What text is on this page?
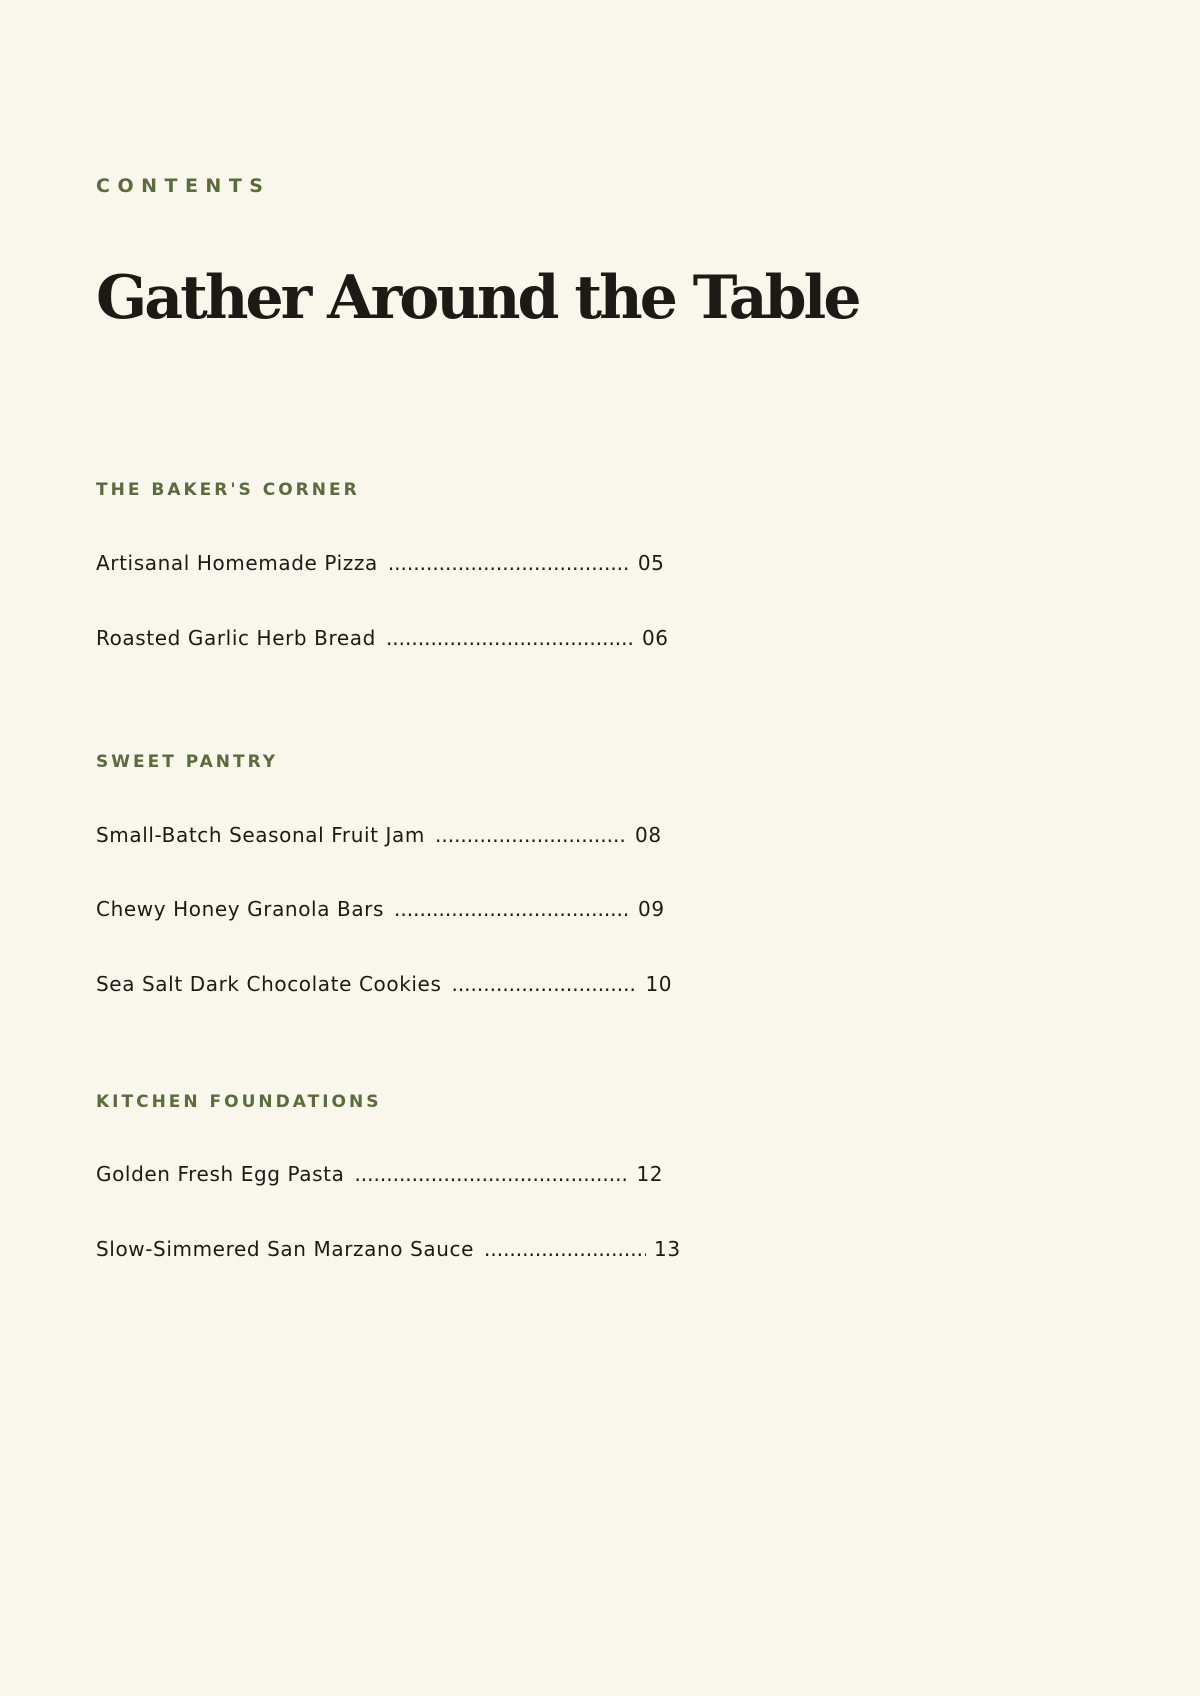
CONTENTS
Gather Around the Table
THE BAKER'S CORNER
Artisanal Homemade Pizza .....	05
Roasted Garlic Herb Bread .....	06
SWEET PANTRY
Small-Batch Seasonal Fruit Jam .....	08
Chewy Honey Granola Bars .....	09
Sea Salt Dark Chocolate Cookies .....	10
KITCHEN FOUNDATIONS
Golden Fresh Egg Pasta .....	12
Slow-Simmered San Marzano Sauce .....	13
